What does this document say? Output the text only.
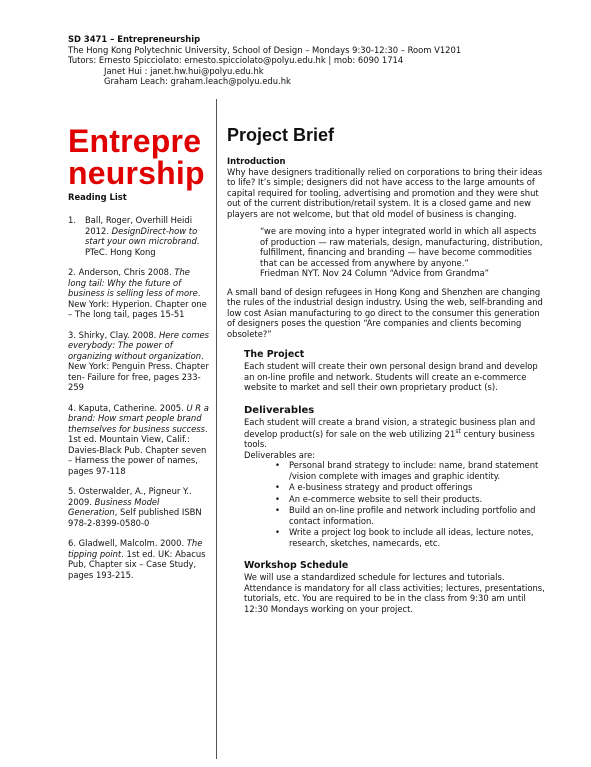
SD 3471 – Entrepreneurship
The Hong Kong Polytechnic University, School of Design – Mondays 9:30-12:30 – Room V1201
Tutors: Ernesto Spicciolato: ernesto.spicciolato@polyu.edu.hk | mob: 6090 1714
Janet Hui : janet.hw.hui@polyu.edu.hk
Graham Leach: graham.leach@polyu.edu.hk
Entrepre
neurship
Reading List
1.	Ball, Roger, Overhill Heidi 2012. DesignDirect-how to start your own microbrand. PTeC. Hong Kong
2. Anderson, Chris 2008. The long tail: Why the future of business is selling less of more. New York: Hyperion. Chapter one – The long tail, pages 15-51
3. Shirky, Clay. 2008. Here comes everybody: The power of organizing without organization. New York: Penguin Press. Chapter ten- Failure for free, pages 233-259
4. Kaputa, Catherine. 2005. U R a brand: How smart people brand themselves for business success. 1st ed. Mountain View, Calif.: Davies-Black Pub. Chapter seven – Harness the power of names, pages 97-118
5. Osterwalder, A., Pigneur Y.. 2009. Business Model Generation, Self published ISBN 978-2-8399-0580-0
6. Gladwell, Malcolm. 2000. The tipping point. 1st ed. UK: Abacus Pub, Chapter six – Case Study, pages 193-215.
Project Brief
Introduction

Why have designers traditionally relied on corporations to bring their ideas to life? It’s simple; designers did not have access to the large amounts of capital required for tooling, advertising and promotion and they were shut out of the current distribution/retail system. It is a closed game and new players are not welcome, but that old model of business is changing.

“we are moving into a hyper integrated world in which all aspects of production — raw materials, design, manufacturing, distribution, fulfillment, financing and branding — have become commodities that can be accessed from anywhere by anyone.”
Friedman NYT. Nov 24 Column “Advice from Grandma”

A small band of design refugees in Hong Kong and Shenzhen are changing the rules of the industrial design industry. Using the web, self-branding and low cost Asian manufacturing to go direct to the consumer this generation of designers poses the question “Are companies and clients becoming obsolete?”

The Project

Each student will create their own personal design brand and develop an on-line profile and network. Students will create an e-commerce website to market and sell their own proprietary product (s).

Deliverables

Each student will create a brand vision, a strategic business plan and develop product(s) for sale on the web utilizing 21st century business tools.

Deliverables are:

• Personal brand strategy to include: name, brand statement /vision complete with images and graphic identity.
• A e-business strategy and product offerings
• An e-commerce website to sell their products.
• Build an on-line profile and network including portfolio and contact information.
• Write a project log book to include all ideas, lecture notes, research, sketches, namecards, etc.
Workshop Schedule

We will use a standardized schedule for lectures and tutorials. Attendance is mandatory for all class activities; lectures, presentations, tutorials, etc. You are required to be in the class from 9:30 am until 12:30 Mondays working on your project.
